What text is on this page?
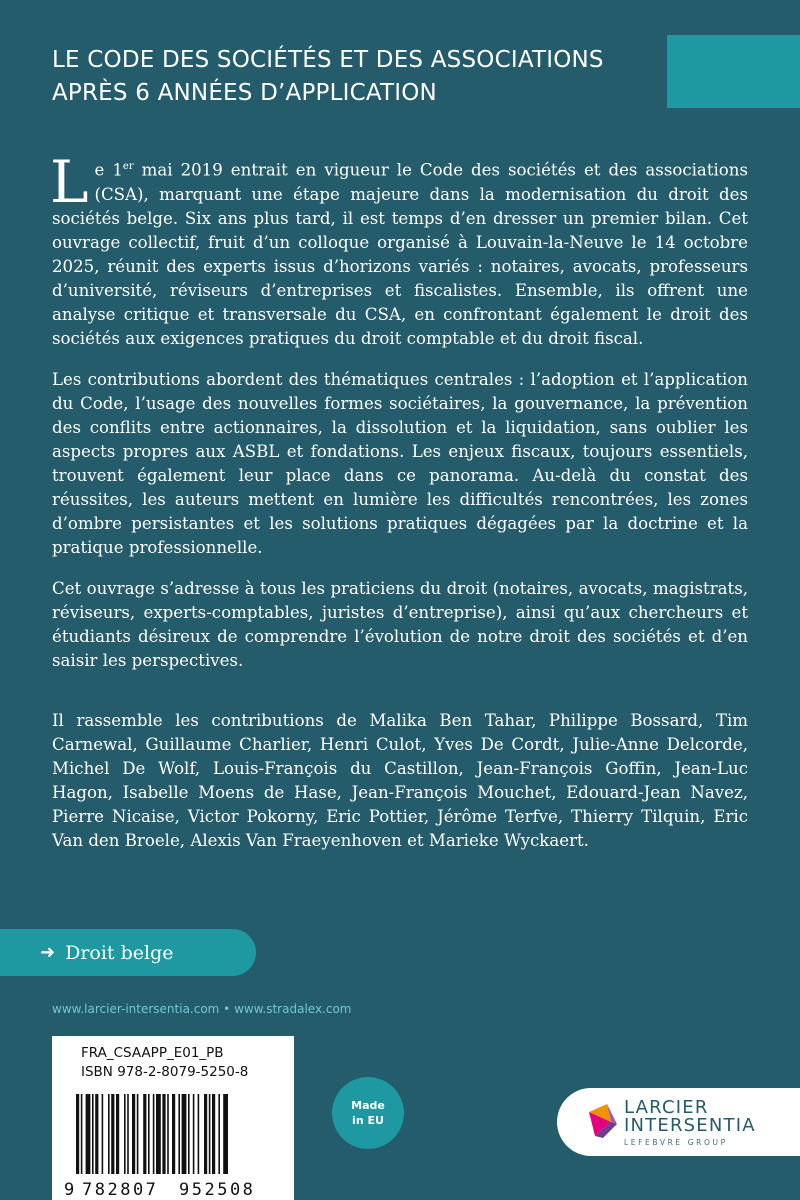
LE CODE DES SOCIÉTÉS ET DES ASSOCIATIONS
APRÈS 6 ANNÉES D’APPLICATION

Le 1er mai 2019 entrait en vigueur le Code des sociétés et des associations (CSA), marquant une étape majeure dans la modernisation du droit des sociétés belge. Six ans plus tard, il est temps d’en dresser un premier bilan. Cet ouvrage collectif, fruit d’un colloque organisé à Louvain-la-Neuve le 14 octobre 2025, réunit des experts issus d’horizons variés : notaires, avocats, professeurs d’université, réviseurs d’entreprises et fiscalistes. Ensemble, ils offrent une analyse critique et transversale du CSA, en confrontant également le droit des sociétés aux exigences pratiques du droit comptable et du droit fiscal.

Les contributions abordent des thématiques centrales : l’adoption et l’application du Code, l’usage des nouvelles formes sociétaires, la gouvernance, la prévention des conflits entre actionnaires, la dissolution et la liquidation, sans oublier les aspects propres aux ASBL et fondations. Les enjeux fiscaux, toujours essentiels, trouvent également leur place dans ce panorama. Au-delà du constat des réussites, les auteurs mettent en lumière les difficultés rencontrées, les zones d’ombre persistantes et les solutions pratiques dégagées par la doctrine et la pratique professionnelle.

Cet ouvrage s’adresse à tous les praticiens du droit (notaires, avocats, magistrats, réviseurs, experts-comptables, juristes d’entreprise), ainsi qu’aux chercheurs et étudiants désireux de comprendre l’évolution de notre droit des sociétés et d’en saisir les perspectives.

Il rassemble les contributions de Malika Ben Tahar, Philippe Bossard, Tim Carnewal, Guillaume Charlier, Henri Culot, Yves De Cordt, Julie-Anne Delcorde, Michel De Wolf, Louis-François du Castillon, Jean-François Goffin, Jean-Luc Hagon, Isabelle Moens de Hase, Jean-François Mouchet, Edouard-Jean Navez, Pierre Nicaise, Victor Pokorny, Eric Pottier, Jérôme Terfve, Thierry Tilquin, Eric Van den Broele, Alexis Van Fraeyenhoven et Marieke Wyckaert.

➜ Droit belge
www.larcier-intersentia.com • www.stradalex.com
FRA_CSAAPP_E01_PB
ISBN 978-2-8079-5250-8
9 782807 952508
Made
in EU
LARCIER
INTERSENTIA
LEFEBVRE GROUP
